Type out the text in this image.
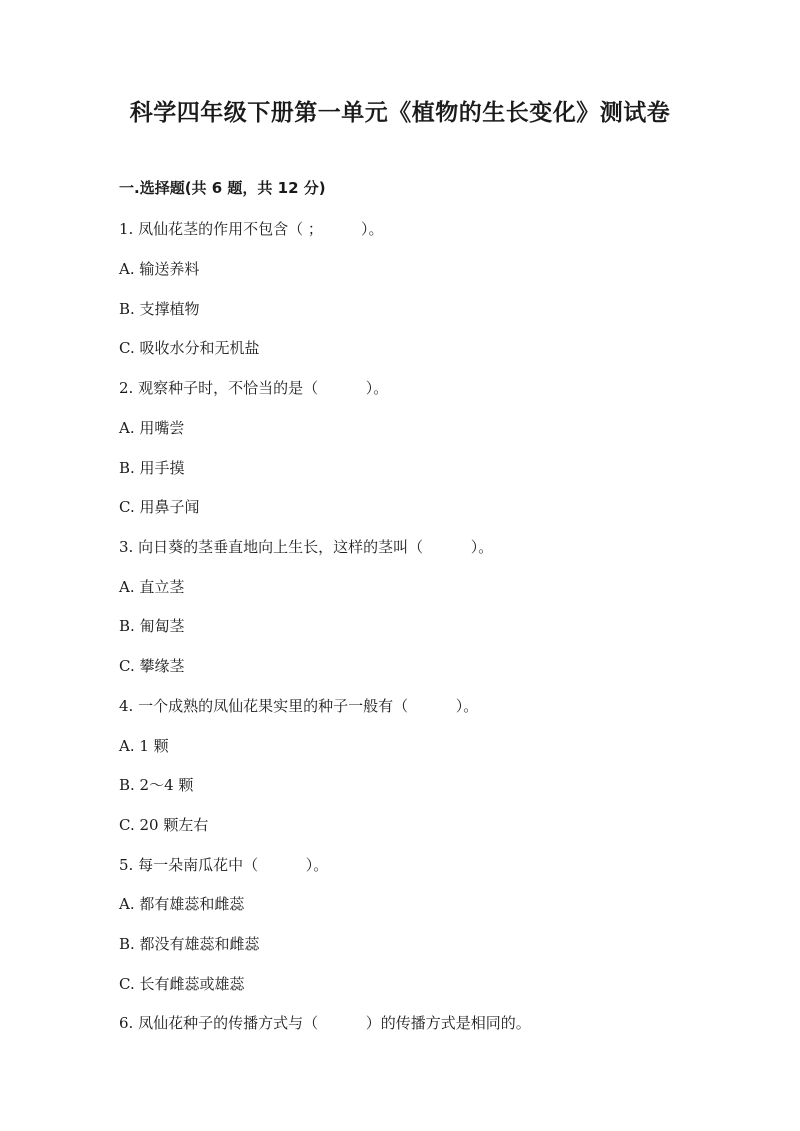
科学四年级下册第一单元《植物的生长变化》测试卷
一.选择题(共 6 题，共 12 分)
1. 凤仙花茎的作用不包含（ ；        ）。
A. 输送养料
B. 支撑植物
C. 吸收水分和无机盐
2. 观察种子时，不恰当的是（          ）。
A. 用嘴尝
B. 用手摸
C. 用鼻子闻
3. 向日葵的茎垂直地向上生长，这样的茎叫（          ）。
A. 直立茎
B. 匍匐茎
C. 攀缘茎
4. 一个成熟的凤仙花果实里的种子一般有（          ）。
A. 1 颗
B. 2～4 颗
C. 20 颗左右
5. 每一朵南瓜花中（          ）。
A. 都有雄蕊和雌蕊
B. 都没有雄蕊和雌蕊
C. 长有雌蕊或雄蕊
6. 凤仙花种子的传播方式与（          ）的传播方式是相同的。
